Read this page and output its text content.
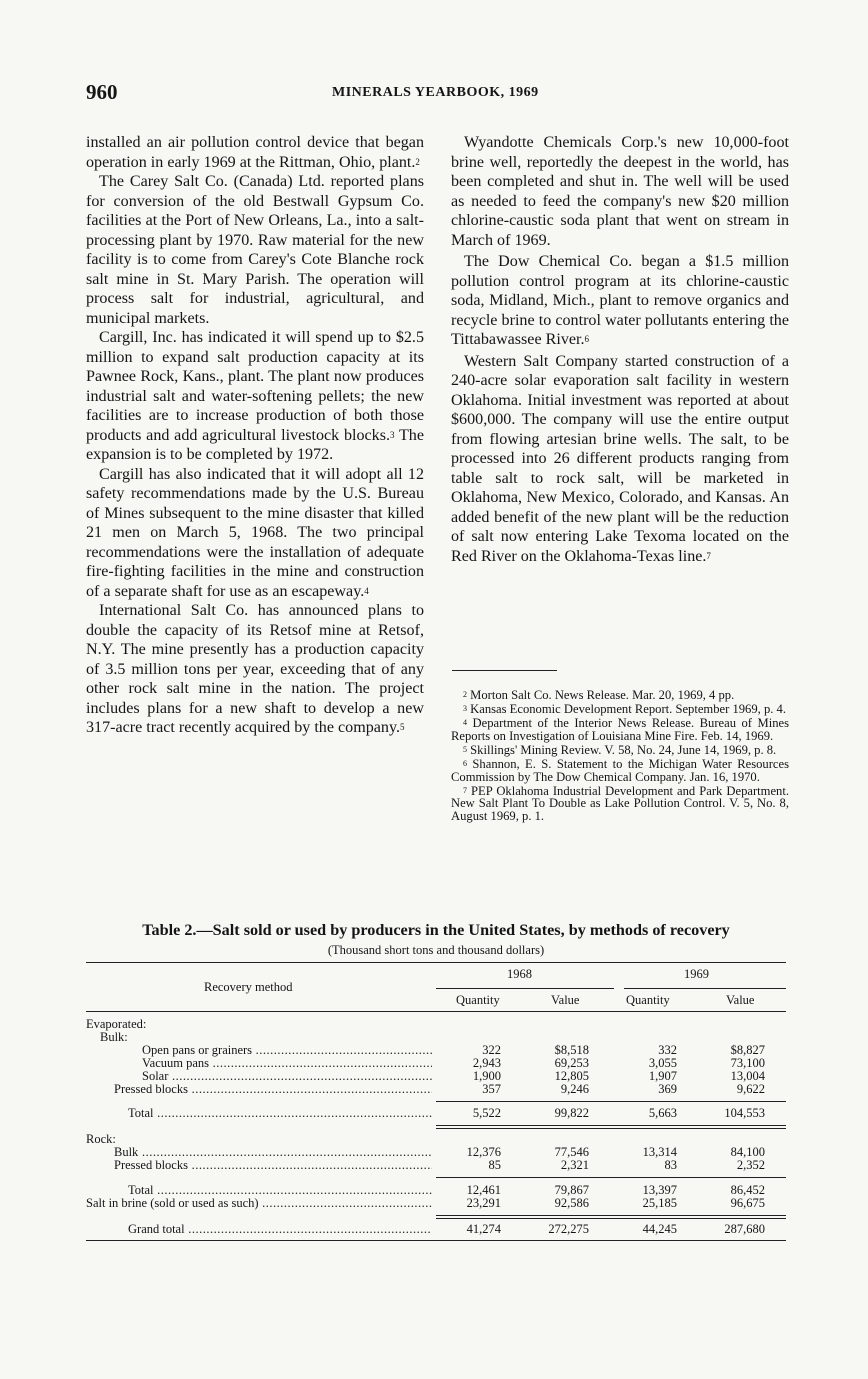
960	MINERALS YEARBOOK, 1969

installed an air pollution control device that began operation in early 1969 at the Rittman, Ohio, plant.$^2$

The Carey Salt Co. (Canada) Ltd. reported plans for conversion of the old Bestwall Gypsum Co. facilities at the Port of New Orleans, La., into a salt-processing plant by 1970. Raw material for the new facility is to come from Carey's Cote Blanche rock salt mine in St. Mary Parish. The operation will process salt for industrial, agricultural, and municipal markets.

Cargill, Inc. has indicated it will spend up to $2.5 million to expand salt production capacity at its Pawnee Rock, Kans., plant. The plant now produces industrial salt and water-softening pellets; the new facilities are to increase production of both those products and add agricultural livestock blocks.$^3$ The expansion is to be completed by 1972.

Cargill has also indicated that it will adopt all 12 safety recommendations made by the U.S. Bureau of Mines subsequent to the mine disaster that killed 21 men on March 5, 1968. The two principal recommendations were the installation of adequate fire-fighting facilities in the mine and construction of a separate shaft for use as an escapeway.$^4$

International Salt Co. has announced plans to double the capacity of its Retsof mine at Retsof, N.Y. The mine presently has a production capacity of 3.5 million tons per year, exceeding that of any other rock salt mine in the nation. The project includes plans for a new shaft to develop a new 317-acre tract recently acquired by the company.$^5$

Wyandotte Chemicals Corp.'s new 10,000-foot brine well, reportedly the deepest in the world, has been completed and shut in. The well will be used as needed to feed the company's new $20 million chlorine-caustic soda plant that went on stream in March of 1969.

The Dow Chemical Co. began a $1.5 million pollution control program at its chlorine-caustic soda, Midland, Mich., plant to remove organics and recycle brine to control water pollutants entering the Tittabawassee River.$^6$

Western Salt Company started construction of a 240-acre solar evaporation salt facility in western Oklahoma. Initial investment was reported at about $600,000. The company will use the entire output from flowing artesian brine wells. The salt, to be processed into 26 different products ranging from table salt to rock salt, will be marketed in Oklahoma, New Mexico, Colorado, and Kansas. An added benefit of the new plant will be the reduction of salt now entering Lake Texoma located on the Red River on the Oklahoma-Texas line.$^7$

$^2$ Morton Salt Co. News Release. Mar. 20, 1969, 4 pp.

$^3$ Kansas Economic Development Report. September 1969, p. 4.

$^4$ Department of the Interior News Release. Bureau of Mines Reports on Investigation of Louisiana Mine Fire. Feb. 14, 1969.

$^5$ Skillings' Mining Review. V. 58, No. 24, June 14, 1969, p. 8.

$^6$ Shannon, E. S. Statement to the Michigan Water Resources Commission by The Dow Chemical Company. Jan. 16, 1970.

$^7$ PEP Oklahoma Industrial Development and Park Department. New Salt Plant To Double as Lake Pollution Control. V. 5, No. 8, August 1969, p. 1.

Table 2.—Salt sold or used by producers in the United States, by methods of recovery
(Thousand short tons and thousand dollars)
Recovery method
1968	1969
Quantity	Value	Quantity	Value
Evaporated:
Bulk:
Open pans or grainers .....	322	$8,518	332	$8,827
Vacuum pans .....	2,943	69,253	3,055	73,100
Solar .....	1,900	12,805	1,907	13,004
Pressed blocks .....	357	9,246	369	9,622
Total .....	5,522	99,822	5,663	104,553
Rock:
Bulk .....	12,376	77,546	13,314	84,100
Pressed blocks .....	85	2,321	83	2,352
Total .....	12,461	79,867	13,397	86,452
Salt in brine (sold or used as such) .....	23,291	92,586	25,185	96,675
Grand total .....	41,274	272,275	44,245	287,680
